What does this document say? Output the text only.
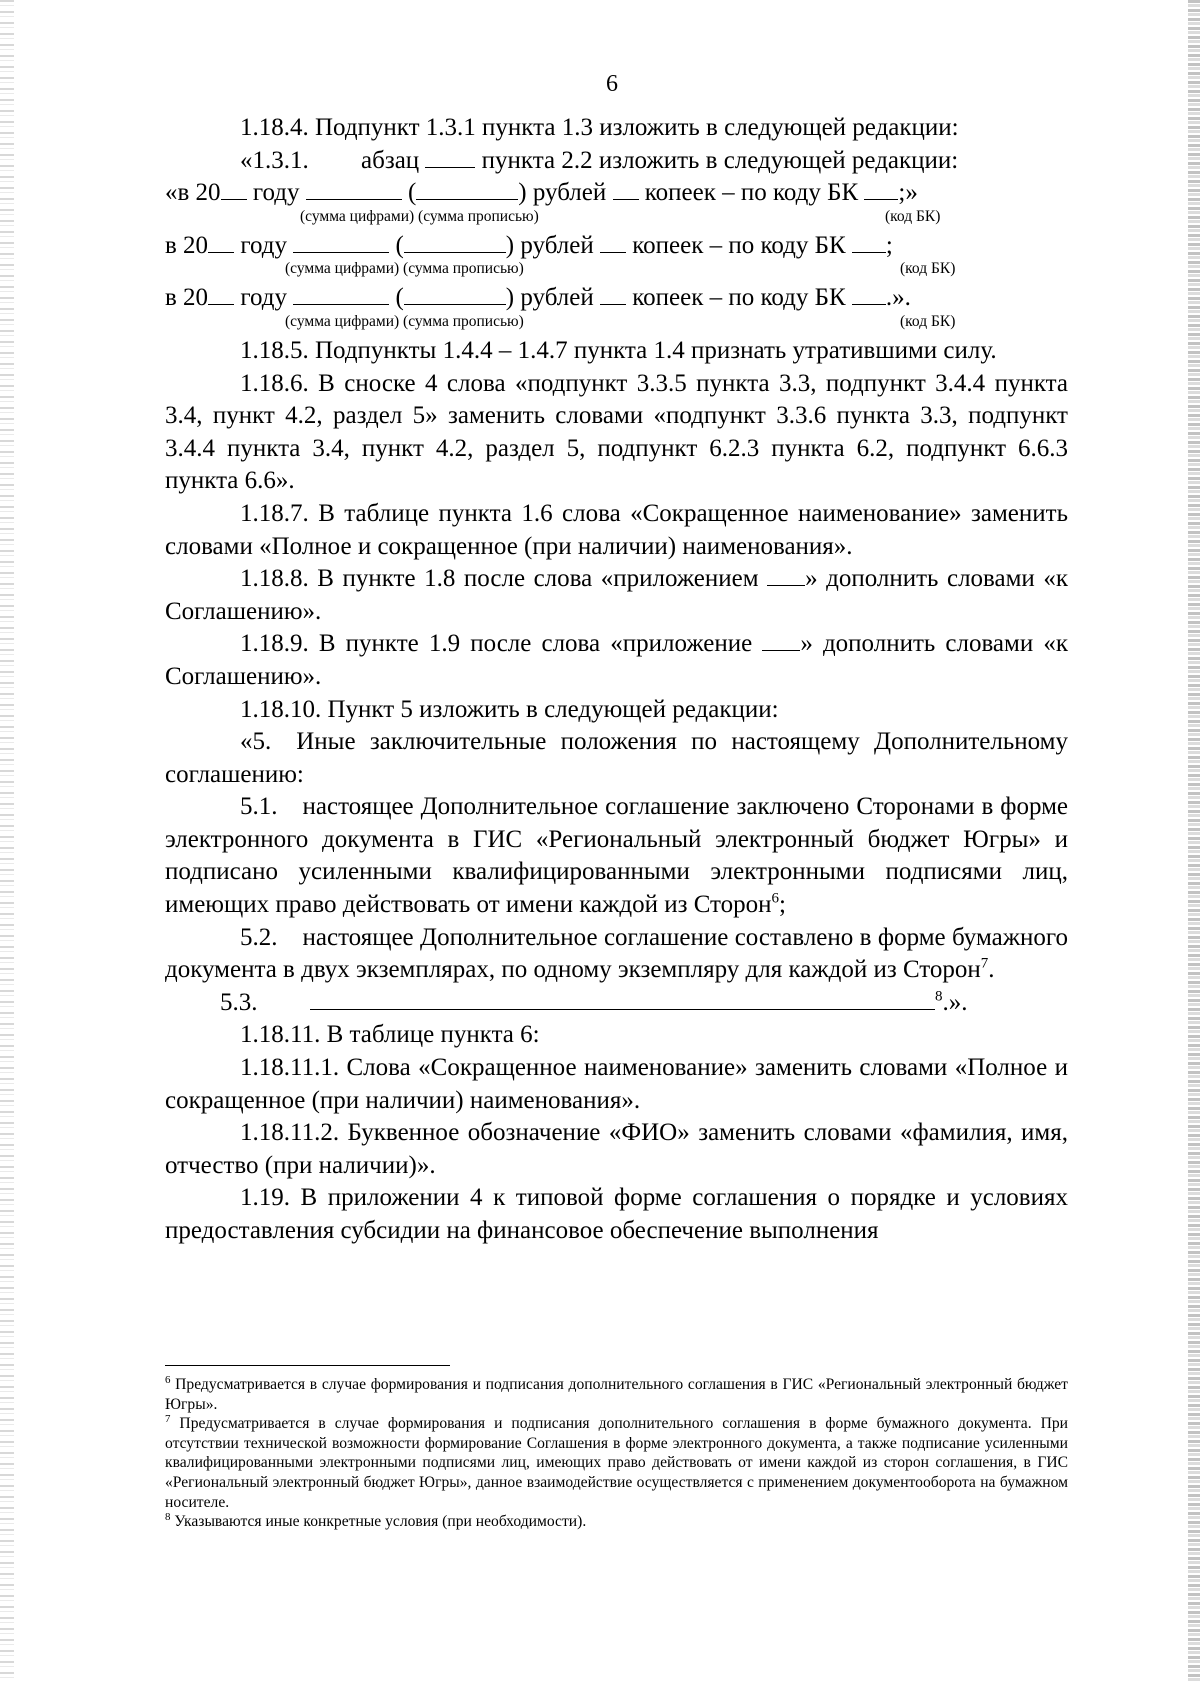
6

1.18.4. Подпункт 1.3.1 пункта 1.3 изложить в следующей редакции:

«1.3.1. абзац	пункта 2.2 изложить в следующей редакции:
«в 20 году	(	) рублей копеек – по коду БК ;»
(сумма цифрами) (сумма прописью)	(код БК)
в 20 году	(	) рублей копеек – по коду БК ;
(сумма цифрами) (сумма прописью)	(код БК)
в 20 году	(	) рублей копеек – по коду БК .».
(сумма цифрами) (сумма прописью)	(код БК)

1.18.5. Подпункты 1.4.4 – 1.4.7 пункта 1.4 признать утратившими силу.

1.18.6. В сноске 4 слова «подпункт 3.3.5 пункта 3.3, подпункт 3.4.4 пункта 3.4, пункт 4.2, раздел 5» заменить словами «подпункт 3.3.6 пункта 3.3, подпункт 3.4.4 пункта 3.4, пункт 4.2, раздел 5, подпункт 6.2.3 пункта 6.2, подпункт 6.6.3 пункта 6.6».

1.18.7. В таблице пункта 1.6 слова «Сокращенное наименование» заменить словами «Полное и сокращенное (при наличии) наименования».

1.18.8. В пункте 1.8 после слова «приложением » дополнить словами «к Соглашению».

1.18.9. В пункте 1.9 после слова «приложение » дополнить словами «к Соглашению».

1.18.10. Пункт 5 изложить в следующей редакции:

«5. Иные заключительные положения по настоящему Дополнительному соглашению:

5.1. настоящее Дополнительное соглашение заключено Сторонами в форме электронного документа в ГИС «Региональный электронный бюджет Югры» и подписано усиленными квалифицированными электронными подписями лиц, имеющих право действовать от имени каждой из Сторон$^6$;

5.2. настоящее Дополнительное соглашение составлено в форме бумажного документа в двух экземплярах, по одному экземпляру для каждой из Сторон$^7$.

5.3.	$^8$.».

1.18.11. В таблице пункта 6:

1.18.11.1. Слова «Сокращенное наименование» заменить словами «Полное и сокращенное (при наличии) наименования».

1.18.11.2. Буквенное обозначение «ФИО» заменить словами «фамилия, имя, отчество (при наличии)».

1.19. В приложении 4 к типовой форме соглашения о порядке и условиях предоставления субсидии на финансовое обеспечение выполнения

$^6$ Предусматривается в случае формирования и подписания дополнительного соглашения в ГИС «Региональный электронный бюджет Югры».

$^7$ Предусматривается в случае формирования и подписания дополнительного соглашения в форме бумажного документа. При отсутствии технической возможности формирование Соглашения в форме электронного документа, а также подписание усиленными квалифицированными электронными подписями лиц, имеющих право действовать от имени каждой из сторон соглашения, в ГИС «Региональный электронный бюджет Югры», данное взаимодействие осуществляется с применением документооборота на бумажном носителе.

$^8$ Указываются иные конкретные условия (при необходимости).
